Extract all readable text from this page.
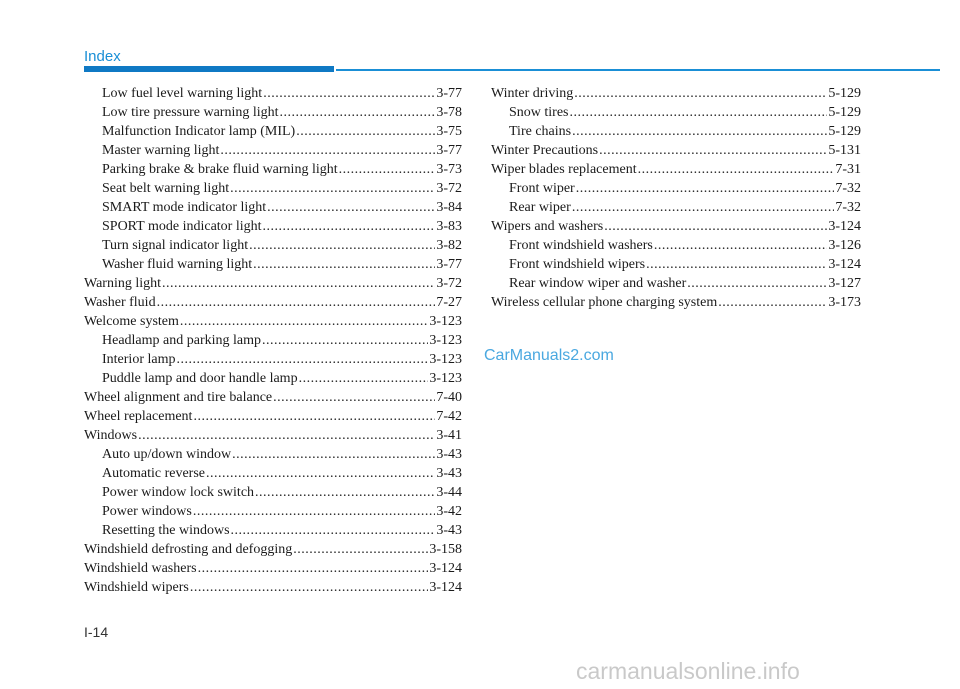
Index
Low fuel level warning light .....	3-77
Low tire pressure warning light .....	3-78
Malfunction Indicator lamp (MIL) .....	3-75
Master warning light .....	3-77
Parking brake & brake fluid warning light .....	3-73
Seat belt warning light .....	3-72
SMART mode indicator light .....	3-84
SPORT mode indicator light .....	3-83
Turn signal indicator light .....	3-82
Washer fluid warning light .....	3-77
Warning light .....	3-72
Washer fluid .....	7-27
Welcome system .....	3-123
Headlamp and parking lamp .....	3-123
Interior lamp .....	3-123
Puddle lamp and door handle lamp .....	3-123
Wheel alignment and tire balance .....	7-40
Wheel replacement .....	7-42
Windows .....	3-41
Auto up/down window .....	3-43
Automatic reverse .....	3-43
Power window lock switch .....	3-44
Power windows .....	3-42
Resetting the windows .....	3-43
Windshield defrosting and defogging .....	3-158
Windshield washers .....	3-124
Windshield wipers .....	3-124
Winter driving .....	5-129
Snow tires .....	5-129
Tire chains .....	5-129
Winter Precautions .....	5-131
Wiper blades replacement .....	7-31
Front wiper .....	7-32
Rear wiper .....	7-32
Wipers and washers .....	3-124
Front windshield washers .....	3-126
Front windshield wipers .....	3-124
Rear window wiper and washer .....	3-127
Wireless cellular phone charging system .....	3-173
CarManuals2.com
I-14
carmanualsonline.info
